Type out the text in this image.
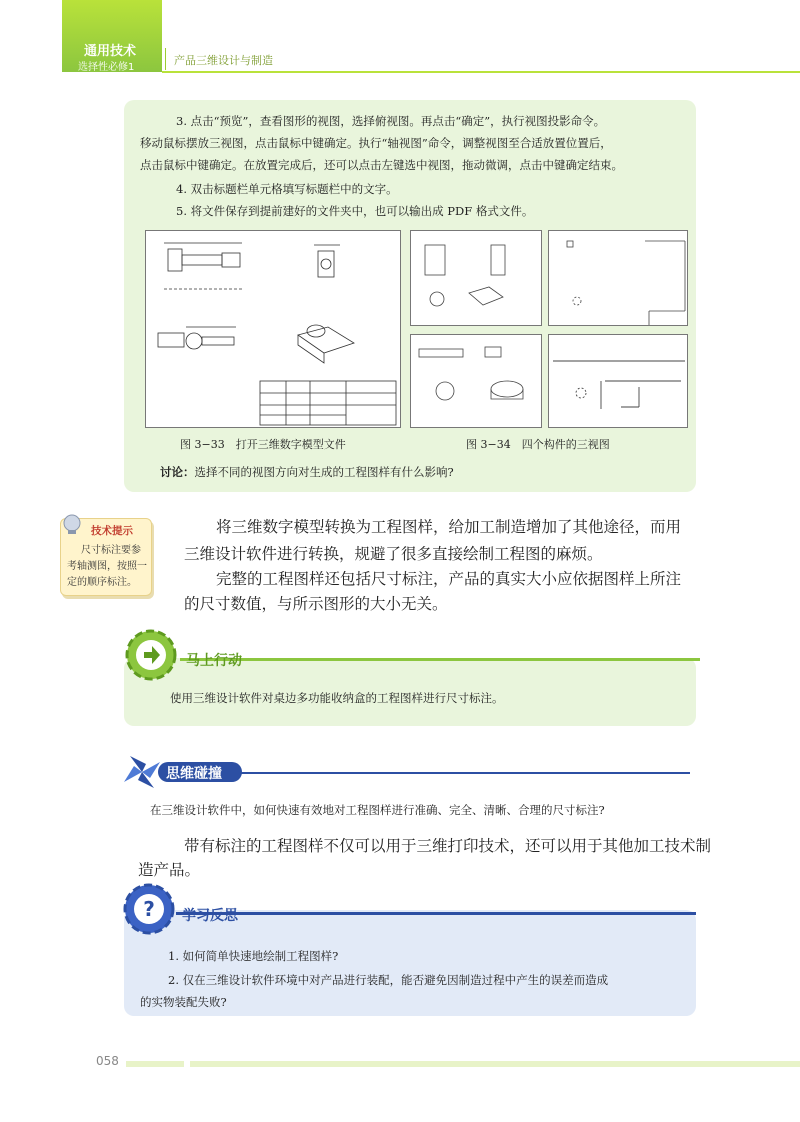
通用技术
选择性必修1
产品三维设计与制造
3. 点击“预览”，查看图形的视图，选择俯视图。再点击“确定”，执行视图投影命令。
移动鼠标摆放三视图，点击鼠标中键确定。执行“轴视图”命令，调整视图至合适放置位置后，
点击鼠标中键确定。在放置完成后，还可以点击左键选中视图，拖动微调，点击中键确定结束。
4. 双击标题栏单元格填写标题栏中的文字。
5. 将文件保存到提前建好的文件夹中，也可以输出成 PDF 格式文件。
图 3−33　打开三维数字模型文件	图 3−34　四个构件的三视图
讨论：选择不同的视图方向对生成的工程图样有什么影响?
技术提示
尺寸标注要参
考轴测图，按照一
定的顺序标注。
将三维数字模型转换为工程图样，给加工制造增加了其他途径，而用
三维设计软件进行转换，规避了很多直接绘制工程图的麻烦。
完整的工程图样还包括尺寸标注，产品的真实大小应依据图样上所注
的尺寸数值，与所示图形的大小无关。
马上行动
使用三维设计软件对桌边多功能收纳盒的工程图样进行尺寸标注。
思维碰撞
在三维设计软件中，如何快速有效地对工程图样进行准确、完全、清晰、合理的尺寸标注?
带有标注的工程图样不仅可以用于三维打印技术，还可以用于其他加工技术制
造产品。
? 学习反思
1. 如何简单快速地绘制工程图样?
2. 仅在三维设计软件环境中对产品进行装配，能否避免因制造过程中产生的误差而造成
的实物装配失败?
058
